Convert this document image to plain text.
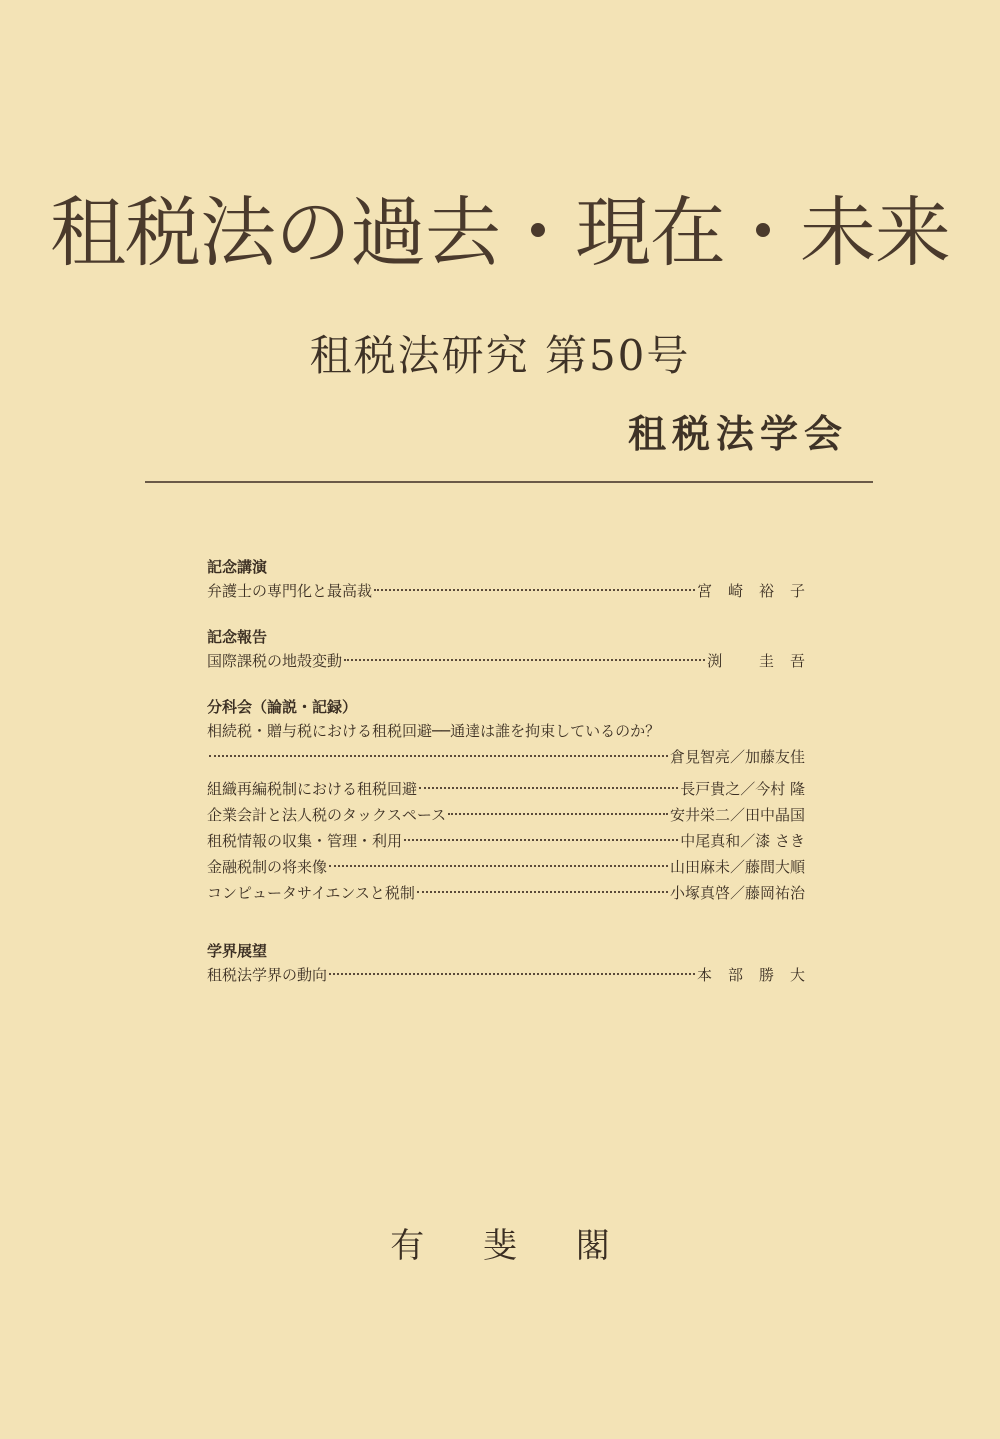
租税法の過去・現在・未来
租税法研究 第50号
租税法学会
記念講演
弁護士の専門化と最高裁	宮崎裕子
記念報告
国際課税の地殻変動	渕 圭吾
分科会（論説・記録）
相続税・贈与税における租税回避──通達は誰を拘束しているのか？
倉見智亮／加藤友佳
組織再編税制における租税回避	長戸貴之／今村 隆
企業会計と法人税のタックスペース	安井栄二／田中晶国
租税情報の収集・管理・利用	中尾真和／漆 さき
金融税制の将来像	山田麻未／藤間大順
コンピュータサイエンスと税制	小塚真啓／藤岡祐治
学界展望
租税法学界の動向	本部勝大
有 斐 閣
